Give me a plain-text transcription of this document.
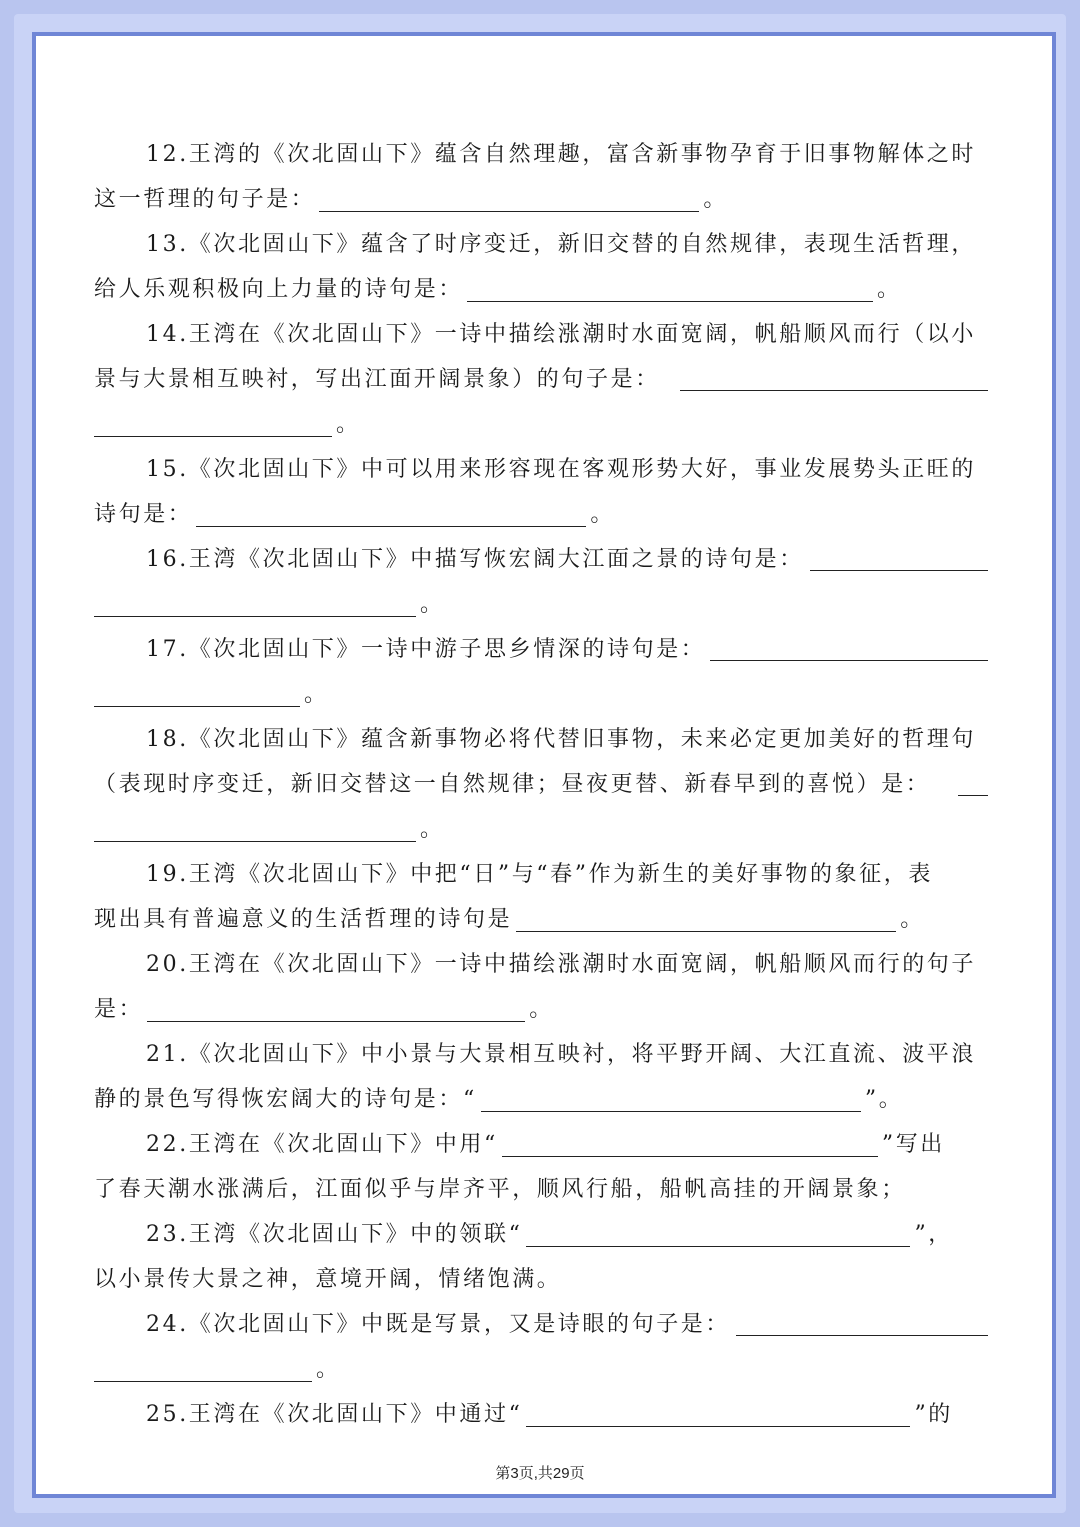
12.王湾的《次北固山下》蕴含自然理趣，富含新事物孕育于旧事物解体之时
这一哲理的句子是：	。
13.《次北固山下》蕴含了时序变迁，新旧交替的自然规律，表现生活哲理，
给人乐观积极向上力量的诗句是：	。
14.王湾在《次北固山下》一诗中描绘涨潮时水面宽阔，帆船顺风而行（以小
景与大景相互映衬，写出江面开阔景象）的句子是：
。
15.《次北固山下》中可以用来形容现在客观形势大好，事业发展势头正旺的
诗句是：	。
16.王湾《次北固山下》中描写恢宏阔大江面之景的诗句是：
。
17.《次北固山下》一诗中游子思乡情深的诗句是：
。
18.《次北固山下》蕴含新事物必将代替旧事物，未来必定更加美好的哲理句
（表现时序变迁，新旧交替这一自然规律；昼夜更替、新春早到的喜悦）是：
。
19.王湾《次北固山下》中把“日”与“春”作为新生的美好事物的象征，表
现出具有普遍意义的生活哲理的诗句是	。
20.王湾在《次北固山下》一诗中描绘涨潮时水面宽阔，帆船顺风而行的句子
是：	。
21.《次北固山下》中小景与大景相互映衬，将平野开阔、大江直流、波平浪
静的景色写得恢宏阔大的诗句是：“	”。
22.王湾在《次北固山下》中用“	”写出
了春天潮水涨满后，江面似乎与岸齐平，顺风行船，船帆高挂的开阔景象；
23.王湾《次北固山下》中的领联“	”，
以小景传大景之神，意境开阔，情绪饱满。
24.《次北固山下》中既是写景，又是诗眼的句子是：
。
25.王湾在《次北固山下》中通过“	”的
第3页,共29页
